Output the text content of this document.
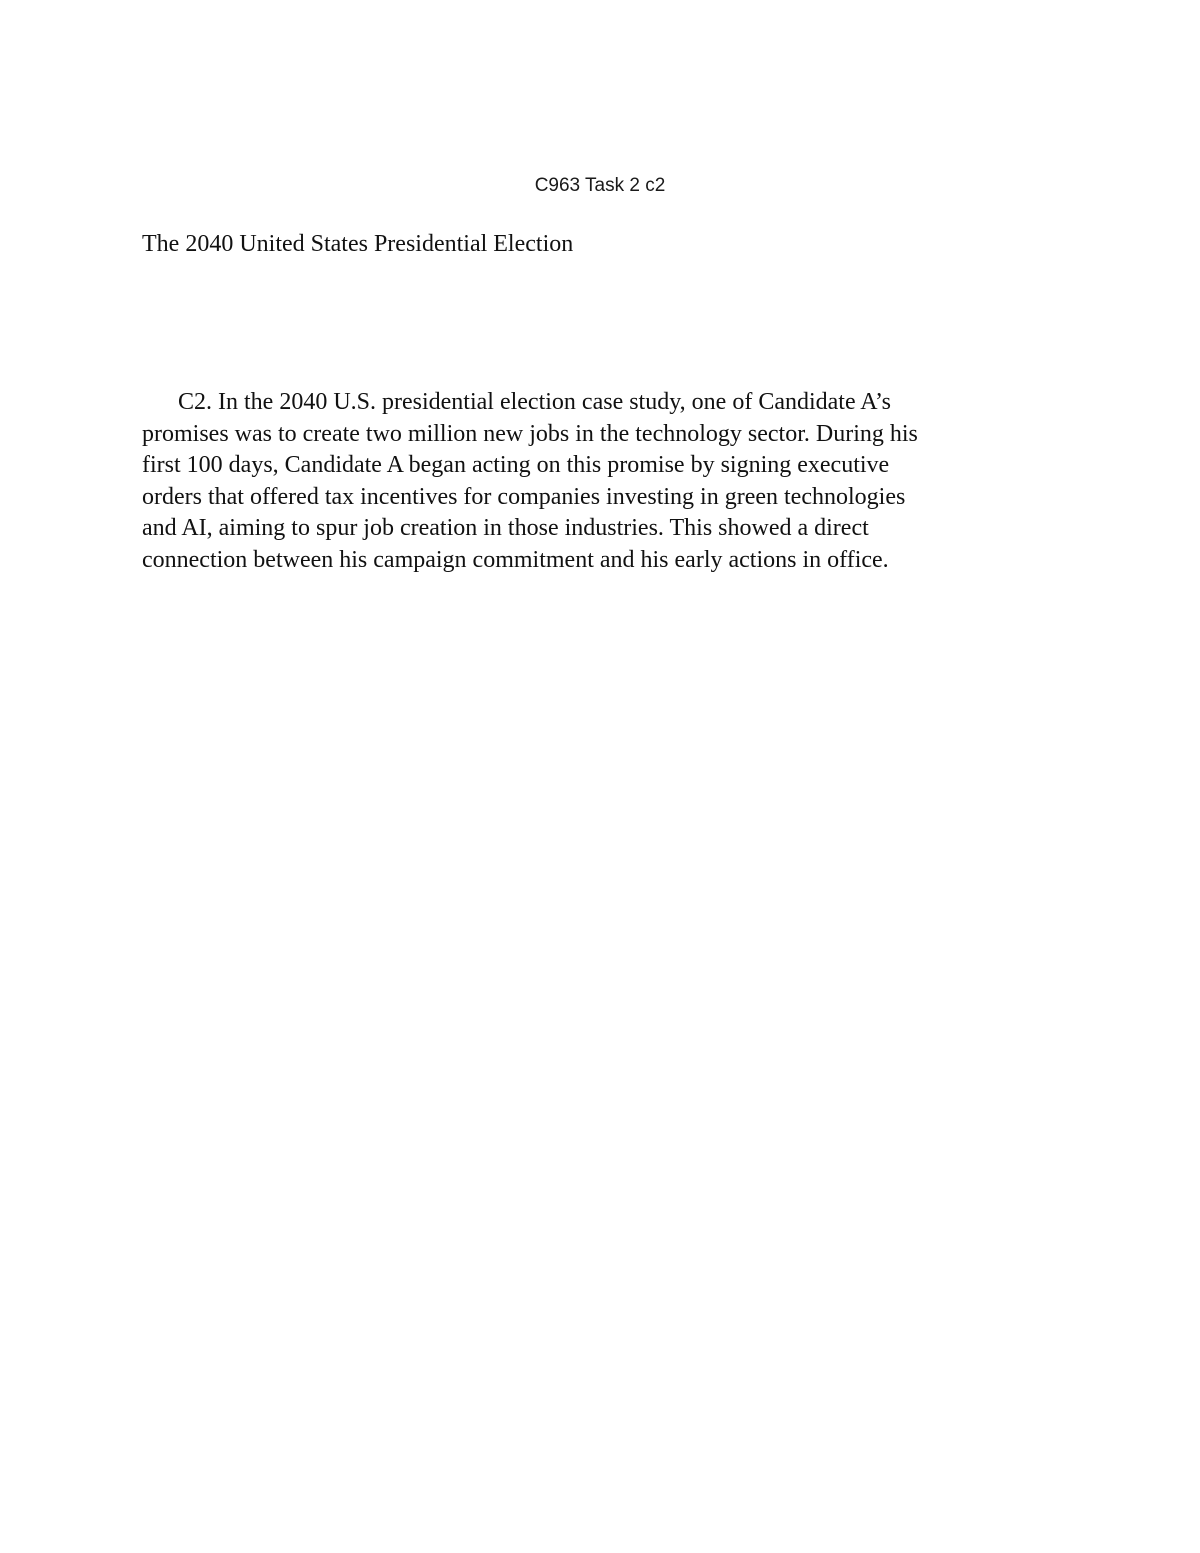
C963 Task 2 c2
The 2040 United States Presidential Election
C2. In the 2040 U.S. presidential election case study, one of Candidate A’s
promises was to create two million new jobs in the technology sector. During his
first 100 days, Candidate A began acting on this promise by signing executive
orders that offered tax incentives for companies investing in green technologies
and AI, aiming to spur job creation in those industries. This showed a direct
connection between his campaign commitment and his early actions in office.
